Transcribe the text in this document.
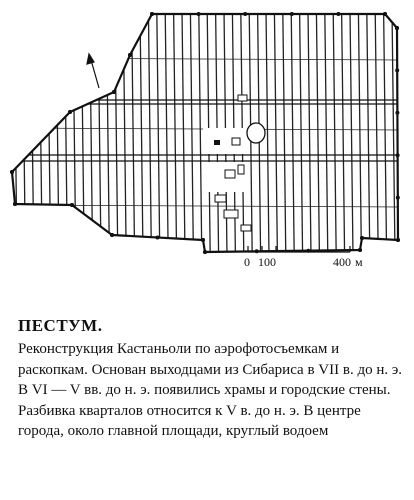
0 100	400 м
ПЕСТУМ.
Реконструкция Кастаньоли по аэрофотосъемкам и раскопкам. Основан выходцами из Сибариса в VII в. до н. э. В VI — V вв. до н. э. появились храмы и городские стены. Разбивка кварталов относится к V в. до н. э. В центре города, около главной площади, круглый водоем
